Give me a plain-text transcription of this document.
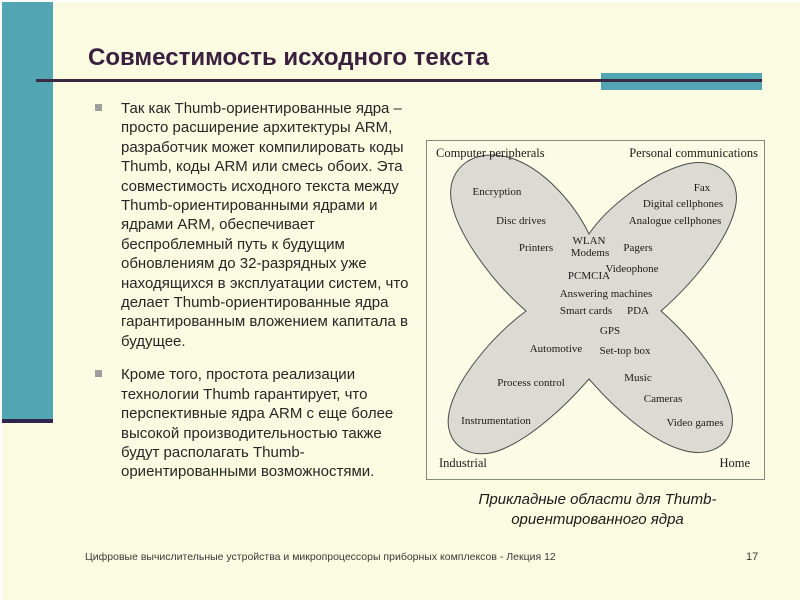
Совместимость исходного текста
Так как Thumb-ориентированные ядра – просто расширение архитектуры ARM, разработчик может компилировать коды Thumb, коды ARM или смесь обоих. Эта совместимость исходного текста между Thumb-ориентированными ядрами и ядрами ARM, обеспечивает беспроблемный путь к будущим обновлениям до 32-разрядных уже находящихся в эксплуатации систем, что делает Thumb-ориентированные ядра гарантированным вложением капитала в будущее.
Кроме того, простота реализации технологии Thumb гарантирует, что перспективные ядра ARM с еще более высокой производительностью также будут располагать Thumb-ориентированными возможностями.
Computer peripherals	Personal communications
Industrial	Home
Encryption	Fax
Digital cellphones
Disc drives	Analogue cellphones
WLAN
Printers	Pagers
Modems
Videophone
PCMCIA
Answering machines
Smart cards PDA
GPS
Automotive Set-top box
Music
Process control
Cameras
Instrumentation	Video games
Прикладные области для Thumb-ориентированного ядра
Цифровые вычислительные устройства и микропроцессоры приборных комплексов - Лекция 12	17
